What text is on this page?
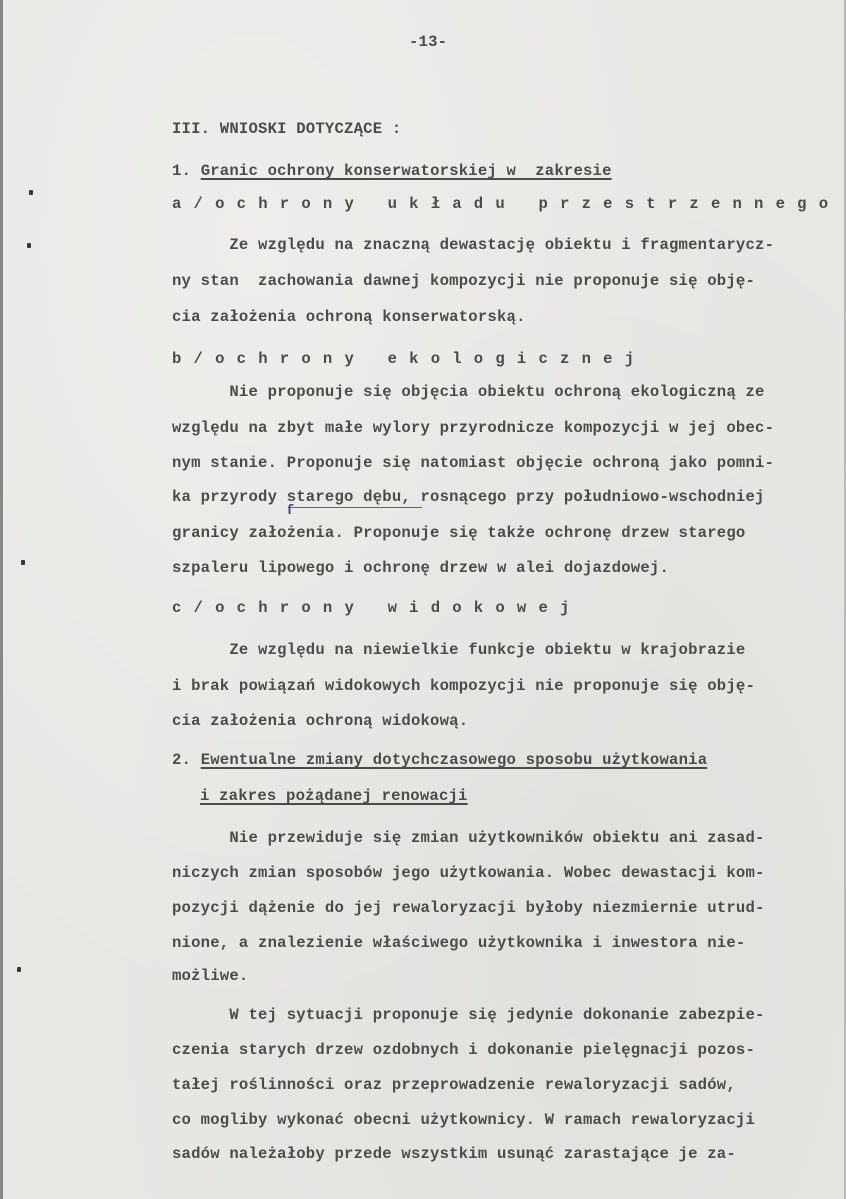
-13-
III. WNIOSKI DOTYCZĄCE :
1. Granic ochrony konserwatorskiej w  zakresie
a/ochrony układu przestrzennego
Ze względu na znaczną dewastację obiektu i fragmentarycz-
ny stan  zachowania dawnej kompozycji nie proponuje się obję-
cia założenia ochroną konserwatorską.
b/ochrony ekologicznej
Nie proponuje się objęcia obiektu ochroną ekologiczną ze
względu na zbyt małe wylory przyrodnicze kompozycji w jej obec-
nym stanie. Proponuje się natomiast objęcie ochroną jako pomni-
ka przyrody starego dębu, rosnącego przy południowo-wschodniej
ſ
granicy założenia. Proponuje się także ochronę drzew starego
szpaleru lipowego i ochronę drzew w alei dojazdowej.
c/ochrony widokowej
Ze względu na niewielkie funkcje obiektu w krajobrazie
i brak powiązań widokowych kompozycji nie proponuje się obję-
cia założenia ochroną widokową.
2. Ewentualne zmiany dotychczasowego sposobu użytkowania
i zakres pożądanej renowacji
Nie przewiduje się zmian użytkowników obiektu ani zasad-
niczych zmian sposobów jego użytkowania. Wobec dewastacji kom-
pozycji dążenie do jej rewaloryzacji byłoby niezmiernie utrud-
nione, a znalezienie właściwego użytkownika i inwestora nie-
możliwe.
W tej sytuacji proponuje się jedynie dokonanie zabezpie-
czenia starych drzew ozdobnych i dokonanie pielęgnacji pozos-
tałej roślinności oraz przeprowadzenie rewaloryzacji sadów,
co mogliby wykonać obecni użytkownicy. W ramach rewaloryzacji
sadów należałoby przede wszystkim usunąć zarastające je za-
